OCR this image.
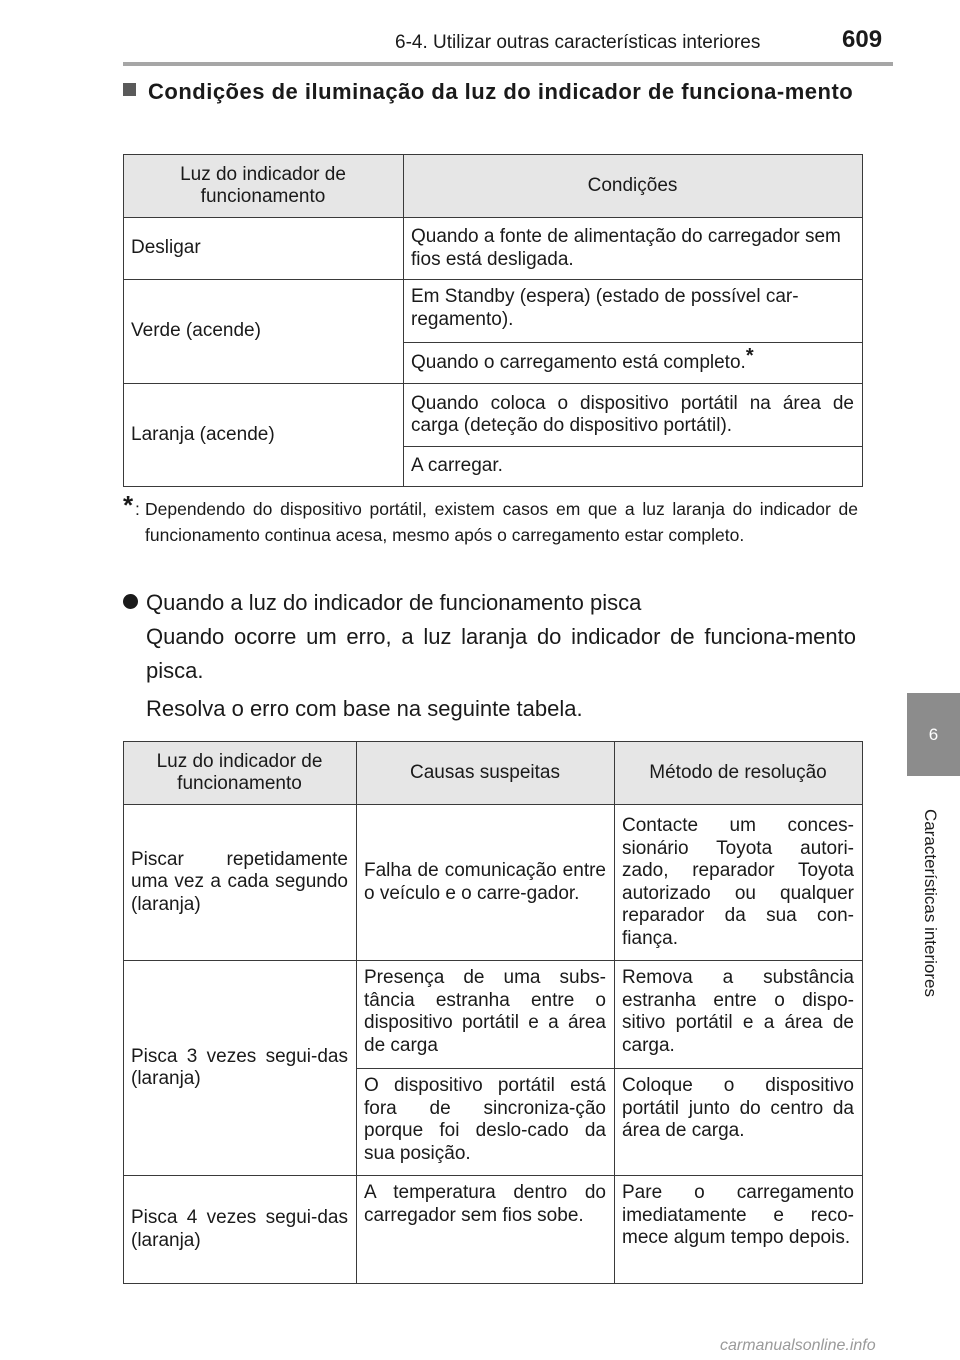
6-4. Utilizar outras características interiores	609
6
Características interiores
Condições de iluminação da luz do indicador de funciona-mento
Luz do indicador de funcionamento	Condições
Desligar	Quando a fonte de alimentação do carregador sem fios está desligada.
Verde (acende)	Em Standby (espera) (estado de possível car-regamento).
	Quando o carregamento está completo.*
Laranja (acende)	Quando coloca o dispositivo portátil na área de carga (deteção do dispositivo portátil).
	A carregar.
* : Dependendo do dispositivo portátil, existem casos em que a luz laranja do indicador de funcionamento continua acesa, mesmo após o carregamento estar completo.
Quando a luz do indicador de funcionamento pisca
Quando ocorre um erro, a luz laranja do indicador de funciona-mento pisca.
Resolva o erro com base na seguinte tabela.
Luz do indicador de funcionamento	Causas suspeitas	Método de resolução
Piscar repetidamente uma vez a cada segundo (laranja)	Falha de comunicação entre o veículo e o carre-gador.	Contacte um conces-sionário Toyota autori-zado, reparador Toyota autorizado ou qualquer reparador da sua con-fiança.
Pisca 3 vezes segui-das (laranja)	Presença de uma subs-tância estranha entre o dispositivo portátil e a área de carga	Remova a substância estranha entre o dispo-sitivo portátil e a área de carga.
	O dispositivo portátil está fora de sincroniza-ção porque foi deslo-cado da sua posição.	Coloque o dispositivo portátil junto do centro da área de carga.
Pisca 4 vezes segui-das (laranja)	A temperatura dentro do carregador sem fios sobe.	Pare o carregamento imediatamente e reco-mece algum tempo depois.
carmanualsonline.info
